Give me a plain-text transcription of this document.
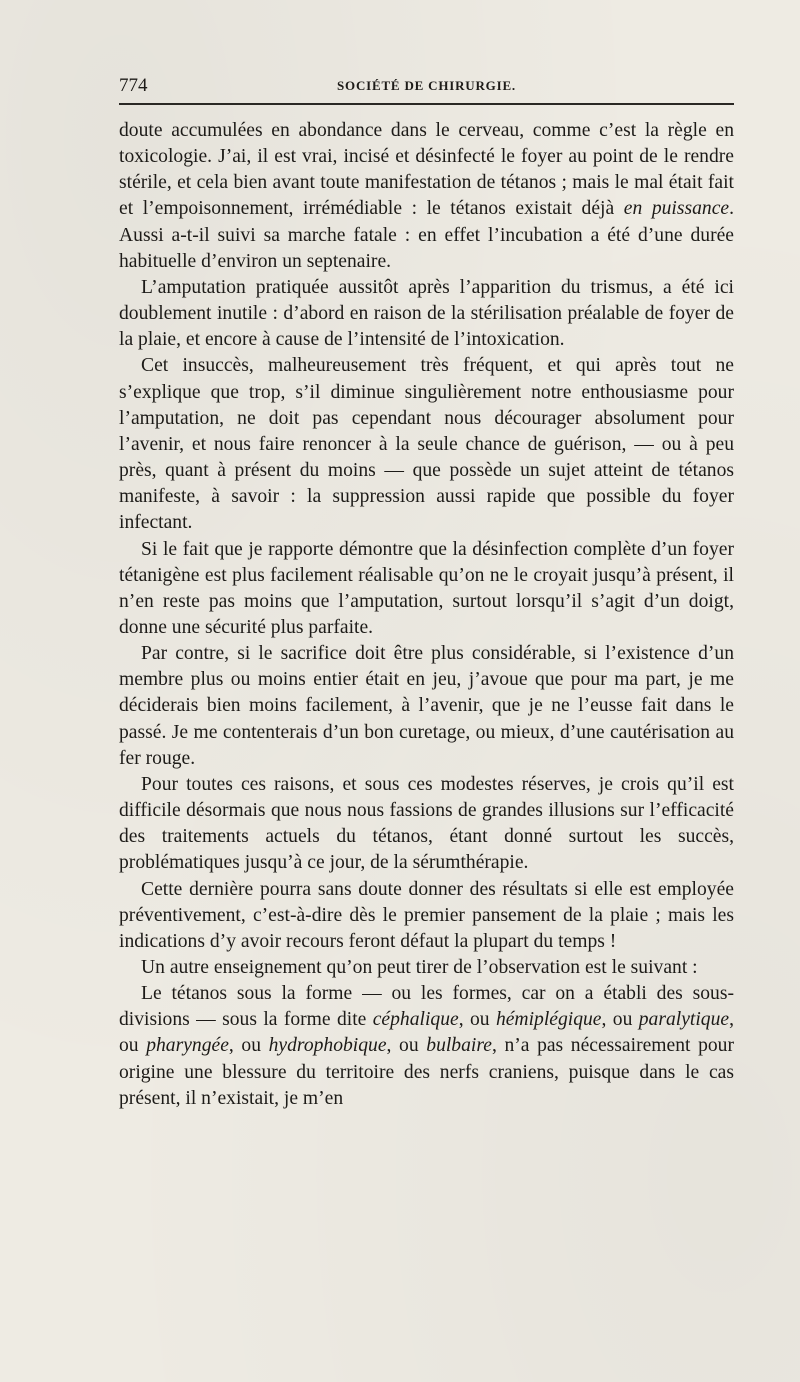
774	SOCIÉTÉ DE CHIRURGIE.

doute accumulées en abondance dans le cerveau, comme c’est la règle en toxicologie. J’ai, il est vrai, incisé et désinfecté le foyer au point de le rendre stérile, et cela bien avant toute manifestation de tétanos ; mais le mal était fait et l’empoisonnement, irrémédiable : le tétanos existait déjà en puissance. Aussi a-t-il suivi sa marche fatale : en effet l’incubation a été d’une durée habituelle d’environ un septenaire.

L’amputation pratiquée aussitôt après l’apparition du trismus, a été ici doublement inutile : d’abord en raison de la stérilisation préalable de foyer de la plaie, et encore à cause de l’intensité de l’intoxication.

Cet insuccès, malheureusement très fréquent, et qui après tout ne s’explique que trop, s’il diminue singulièrement notre enthousiasme pour l’amputation, ne doit pas cependant nous décourager absolument pour l’avenir, et nous faire renoncer à la seule chance de guérison, — ou à peu près, quant à présent du moins — que possède un sujet atteint de tétanos manifeste, à savoir : la suppression aussi rapide que possible du foyer infectant.

Si le fait que je rapporte démontre que la désinfection complète d’un foyer tétanigène est plus facilement réalisable qu’on ne le croyait jusqu’à présent, il n’en reste pas moins que l’amputation, surtout lorsqu’il s’agit d’un doigt, donne une sécurité plus parfaite.

Par contre, si le sacrifice doit être plus considérable, si l’existence d’un membre plus ou moins entier était en jeu, j’avoue que pour ma part, je me déciderais bien moins facilement, à l’avenir, que je ne l’eusse fait dans le passé. Je me contenterais d’un bon curetage, ou mieux, d’une cautérisation au fer rouge.

Pour toutes ces raisons, et sous ces modestes réserves, je crois qu’il est difficile désormais que nous nous fassions de grandes illusions sur l’efficacité des traitements actuels du tétanos, étant donné surtout les succès, problématiques jusqu’à ce jour, de la sérumthérapie.

Cette dernière pourra sans doute donner des résultats si elle est employée préventivement, c’est-à-dire dès le premier pansement de la plaie ; mais les indications d’y avoir recours feront défaut la plupart du temps !

Un autre enseignement qu’on peut tirer de l’observation est le suivant :

Le tétanos sous la forme — ou les formes, car on a établi des sous-divisions — sous la forme dite céphalique, ou hémiplégique, ou paralytique, ou pharyngée, ou hydrophobique, ou bulbaire, n’a pas nécessairement pour origine une blessure du territoire des nerfs craniens, puisque dans le cas présent, il n’existait, je m’en
